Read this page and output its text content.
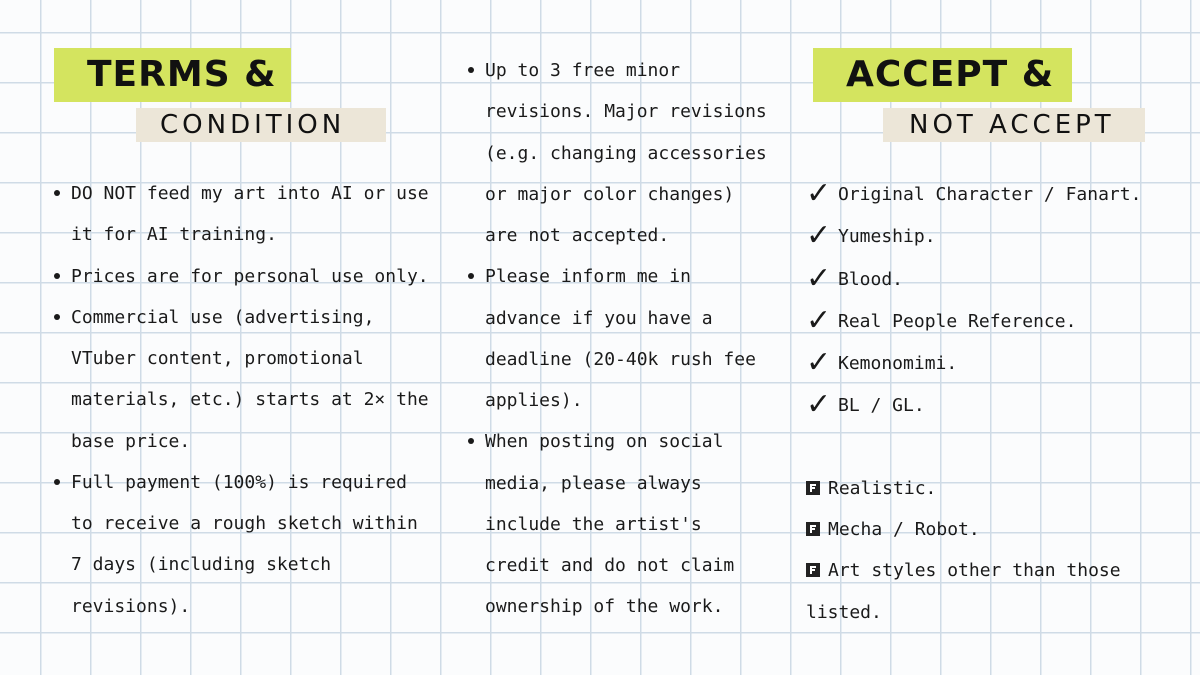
TERMS &
CONDITION
DO NOT feed my art into AI or use it for AI training.
Prices are for personal use only.
Commercial use (advertising, VTuber content, promotional materials, etc.) starts at 2× the base price.
Full payment (100%) is required to receive a rough sketch within 7 days (including sketch revisions).
Up to 3 free minor revisions. Major revisions (e.g. changing accessories or major color changes) are not accepted.
Please inform me in advance if you have a deadline (20-40k rush fee applies).
When posting on social media, please always include the artist's credit and do not claim ownership of the work.
ACCEPT &
NOT ACCEPT
✓ Original Character / Fanart.
✓ Yumeship.
✓ Blood.
✓ Real People Reference.
✓ Kemonomimi.
✓ BL / GL.
Realistic.
Mecha / Robot.
Art styles other than those listed.
